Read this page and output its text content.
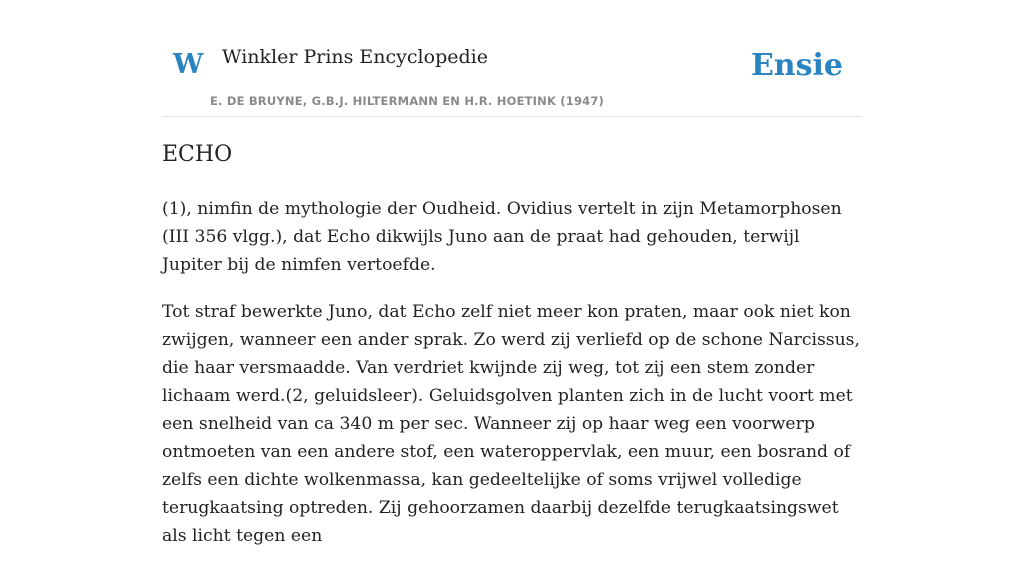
W Winkler Prins Encyclopedie
E. DE BRUYNE, G.B.J. HILTERMANN EN H.R. HOETINK (1947)
Ensie
ECHO

(1), nimfin de mythologie der Oudheid. Ovidius vertelt in zijn Metamorphosen (III 356 vlgg.), dat Echo dikwijls Juno aan de praat had gehouden, terwijl Jupiter bij de nimfen vertoefde.

Tot straf bewerkte Juno, dat Echo zelf niet meer kon praten, maar ook niet kon zwijgen, wanneer een ander sprak. Zo werd zij verliefd op de schone Narcissus, die haar versmaadde. Van verdriet kwijnde zij weg, tot zij een stem zonder lichaam werd.(2, geluidsleer). Geluidsgolven planten zich in de lucht voort met een snelheid van ca 340 m per sec. Wanneer zij op haar weg een voorwerp ontmoeten van een andere stof, een wateroppervlak, een muur, een bosrand of zelfs een dichte wolkenmassa, kan gedeeltelijke of soms vrijwel volledige terugkaatsing optreden. Zij gehoorzamen daarbij dezelfde terugkaatsingswet als licht tegen een
